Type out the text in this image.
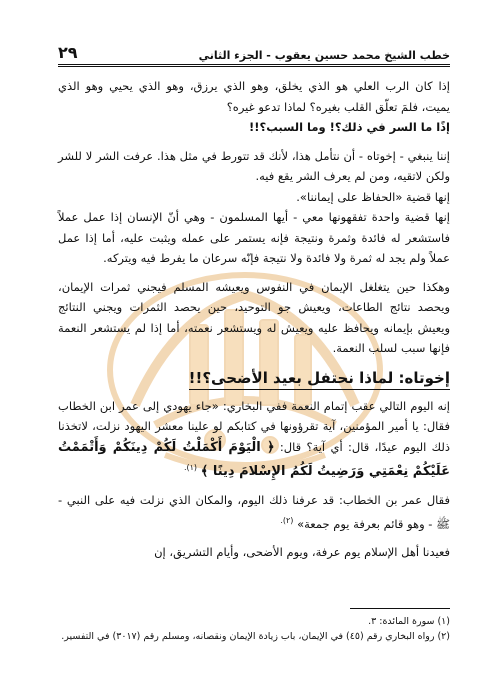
٢٩	خطب الشيخ محمد حسين يعقوب - الجزء الثاني

إذا كان الرب العلي هو الذي يخلق، وهو الذي يرزق، وهو الذي يحيي وهو الذي يميت، فلمَ تعلّق القلب بغيره؟ لماذا تدعو غيره؟

إذًا ما السر في ذلك؟! وما السبب؟!!

إننا ينبغي - إخوتاه - أن نتأمل هذا، لأنك قد تتورط في مثل هذا. عرفت الشر لا للشر ولكن لاتقيه، ومن لم يعرف الشر يقع فيه.

إنها قضية «الحفاظ على إيماننا».

إنها قضية واحدة تفقهونها معي - أيها المسلمون - وهي أنّ الإنسان إذا عمل عملاً فاستشعر له فائدة وثمرة ونتيجة فإنه يستمر على عمله ويثبت عليه، أما إذا عمل عملاً ولم يجد له ثمرة ولا فائدة ولا نتيجة فإنّه سرعان ما يفرط فيه ويتركه.

وهكذا حين يتغلغل الإيمان في النفوس ويعيشه المسلم فيجني ثمرات الإيمان، ويحصد نتائج الطاعات، ويعيش جو التوحيد، حين يحصد الثمرات ويجني النتائج ويعيش بإيمانه ويحافظ عليه ويعيش له ويستشعر نعمته، أما إذا لم يستشعر النعمة فإنها سبب لسلب النعمة.

إخوتاه: لماذا نحتفل بعيد الأضحى؟!!

إنه اليوم التالي عقب إتمام النعمة ففي البخاري: «جاء يهودي إلى عمر ابن الخطاب فقال: يا أمير المؤمنين، آية تقرؤونها في كتابكم لو علينا معشر اليهود نزلت، لاتخذنا ذلك اليوم عيدًا، قال: أي آية؟ قال: ﴿ الْيَوْمَ أَكْمَلْتُ لَكُمْ دِينَكُمْ وَأَتْمَمْتُ عَلَيْكُمْ نِعْمَتِي وَرَضِيتُ لَكُمُ الإِسْلامَ دِينًا ﴾ $^{(١).}$

فقال عمر بن الخطاب: قد عرفنا ذلك اليوم، والمكان الذي نزلت فيه على النبي - ﷺ - وهو قائم بعرفة يوم جمعة» $^{(٢).}$

فعيدنا أهل الإسلام يوم عرفة، ويوم الأضحى، وأيام التشريق، إن

(١) سورة المائدة: ٣.

(٢) رواه البخاري رقم (٤٥) في الإيمان، باب زيادة الإيمان ونقصانه، ومسلم رقم (٣٠١٧) في التفسير.
